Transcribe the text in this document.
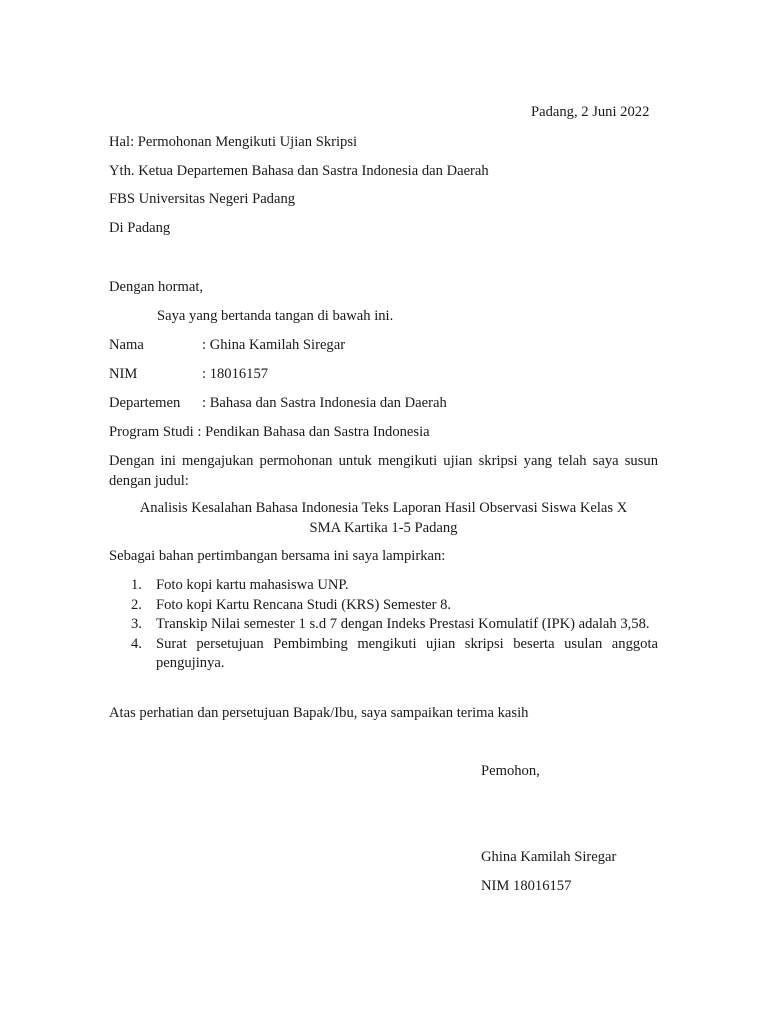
Padang, 2 Juni 2022
Hal: Permohonan Mengikuti Ujian Skripsi
Yth. Ketua Departemen Bahasa dan Sastra Indonesia dan Daerah
FBS Universitas Negeri Padang
Di Padang
Dengan hormat,
Saya yang bertanda tangan di bawah ini.
Nama	: Ghina Kamilah Siregar
NIM	: 18016157
Departemen : Bahasa dan Sastra Indonesia dan Daerah
Program Studi : Pendikan Bahasa dan Sastra Indonesia
Dengan ini mengajukan permohonan untuk mengikuti ujian skripsi yang telah saya susun dengan judul:
Analisis Kesalahan Bahasa Indonesia Teks Laporan Hasil Observasi Siswa Kelas X
SMA Kartika 1-5 Padang
Sebagai bahan pertimbangan bersama ini saya lampirkan:
1. Foto kopi kartu mahasiswa UNP.
2. Foto kopi Kartu Rencana Studi (KRS) Semester 8.
3. Transkip Nilai semester 1 s.d 7 dengan Indeks Prestasi Komulatif (IPK) adalah 3,58.
4. Surat persetujuan Pembimbing mengikuti ujian skripsi beserta usulan anggota pengujinya.
Atas perhatian dan persetujuan Bapak/Ibu, saya sampaikan terima kasih
Pemohon,
Ghina Kamilah Siregar
NIM 18016157
